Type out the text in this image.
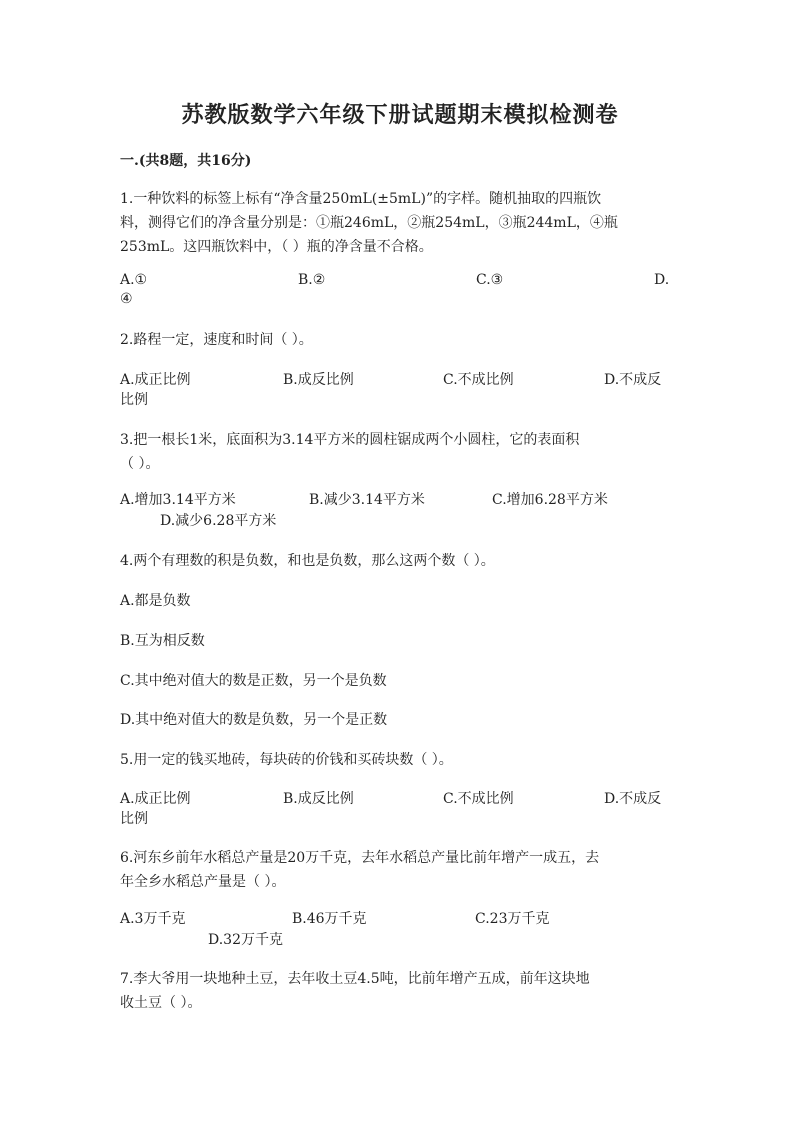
苏教版数学六年级下册试题期末模拟检测卷
一.(共8题，共16分)
1.一种饮料的标签上标有“净含量250mL(±5mL)”的字样。随机抽取的四瓶饮
料，测得它们的净含量分别是：①瓶246mL，②瓶254mL，③瓶244mL，④瓶
253mL。这四瓶饮料中，（ ）瓶的净含量不合格。
A.①	B.②	C.③	D.
④
2.路程一定，速度和时间（ ）。
A.成正比例	B.成反比例	C.不成比例	D.不成反
比例
3.把一根长1米，底面积为3.14平方米的圆柱锯成两个小圆柱，它的表面积
（ ）。
A.增加3.14平方米	B.减少3.14平方米	C.增加6.28平方米
D.减少6.28平方米
4.两个有理数的积是负数，和也是负数，那么这两个数（ ）。
A.都是负数
B.互为相反数
C.其中绝对值大的数是正数，另一个是负数
D.其中绝对值大的数是负数，另一个是正数
5.用一定的钱买地砖，每块砖的价钱和买砖块数（ ）。
A.成正比例	B.成反比例	C.不成比例	D.不成反
比例
6.河东乡前年水稻总产量是20万千克，去年水稻总产量比前年增产一成五，去
年全乡水稻总产量是（ ）。
A.3万千克	B.46万千克	C.23万千克
D.32万千克
7.李大爷用一块地种土豆，去年收土豆4.5吨，比前年增产五成，前年这块地
收土豆（ ）。
